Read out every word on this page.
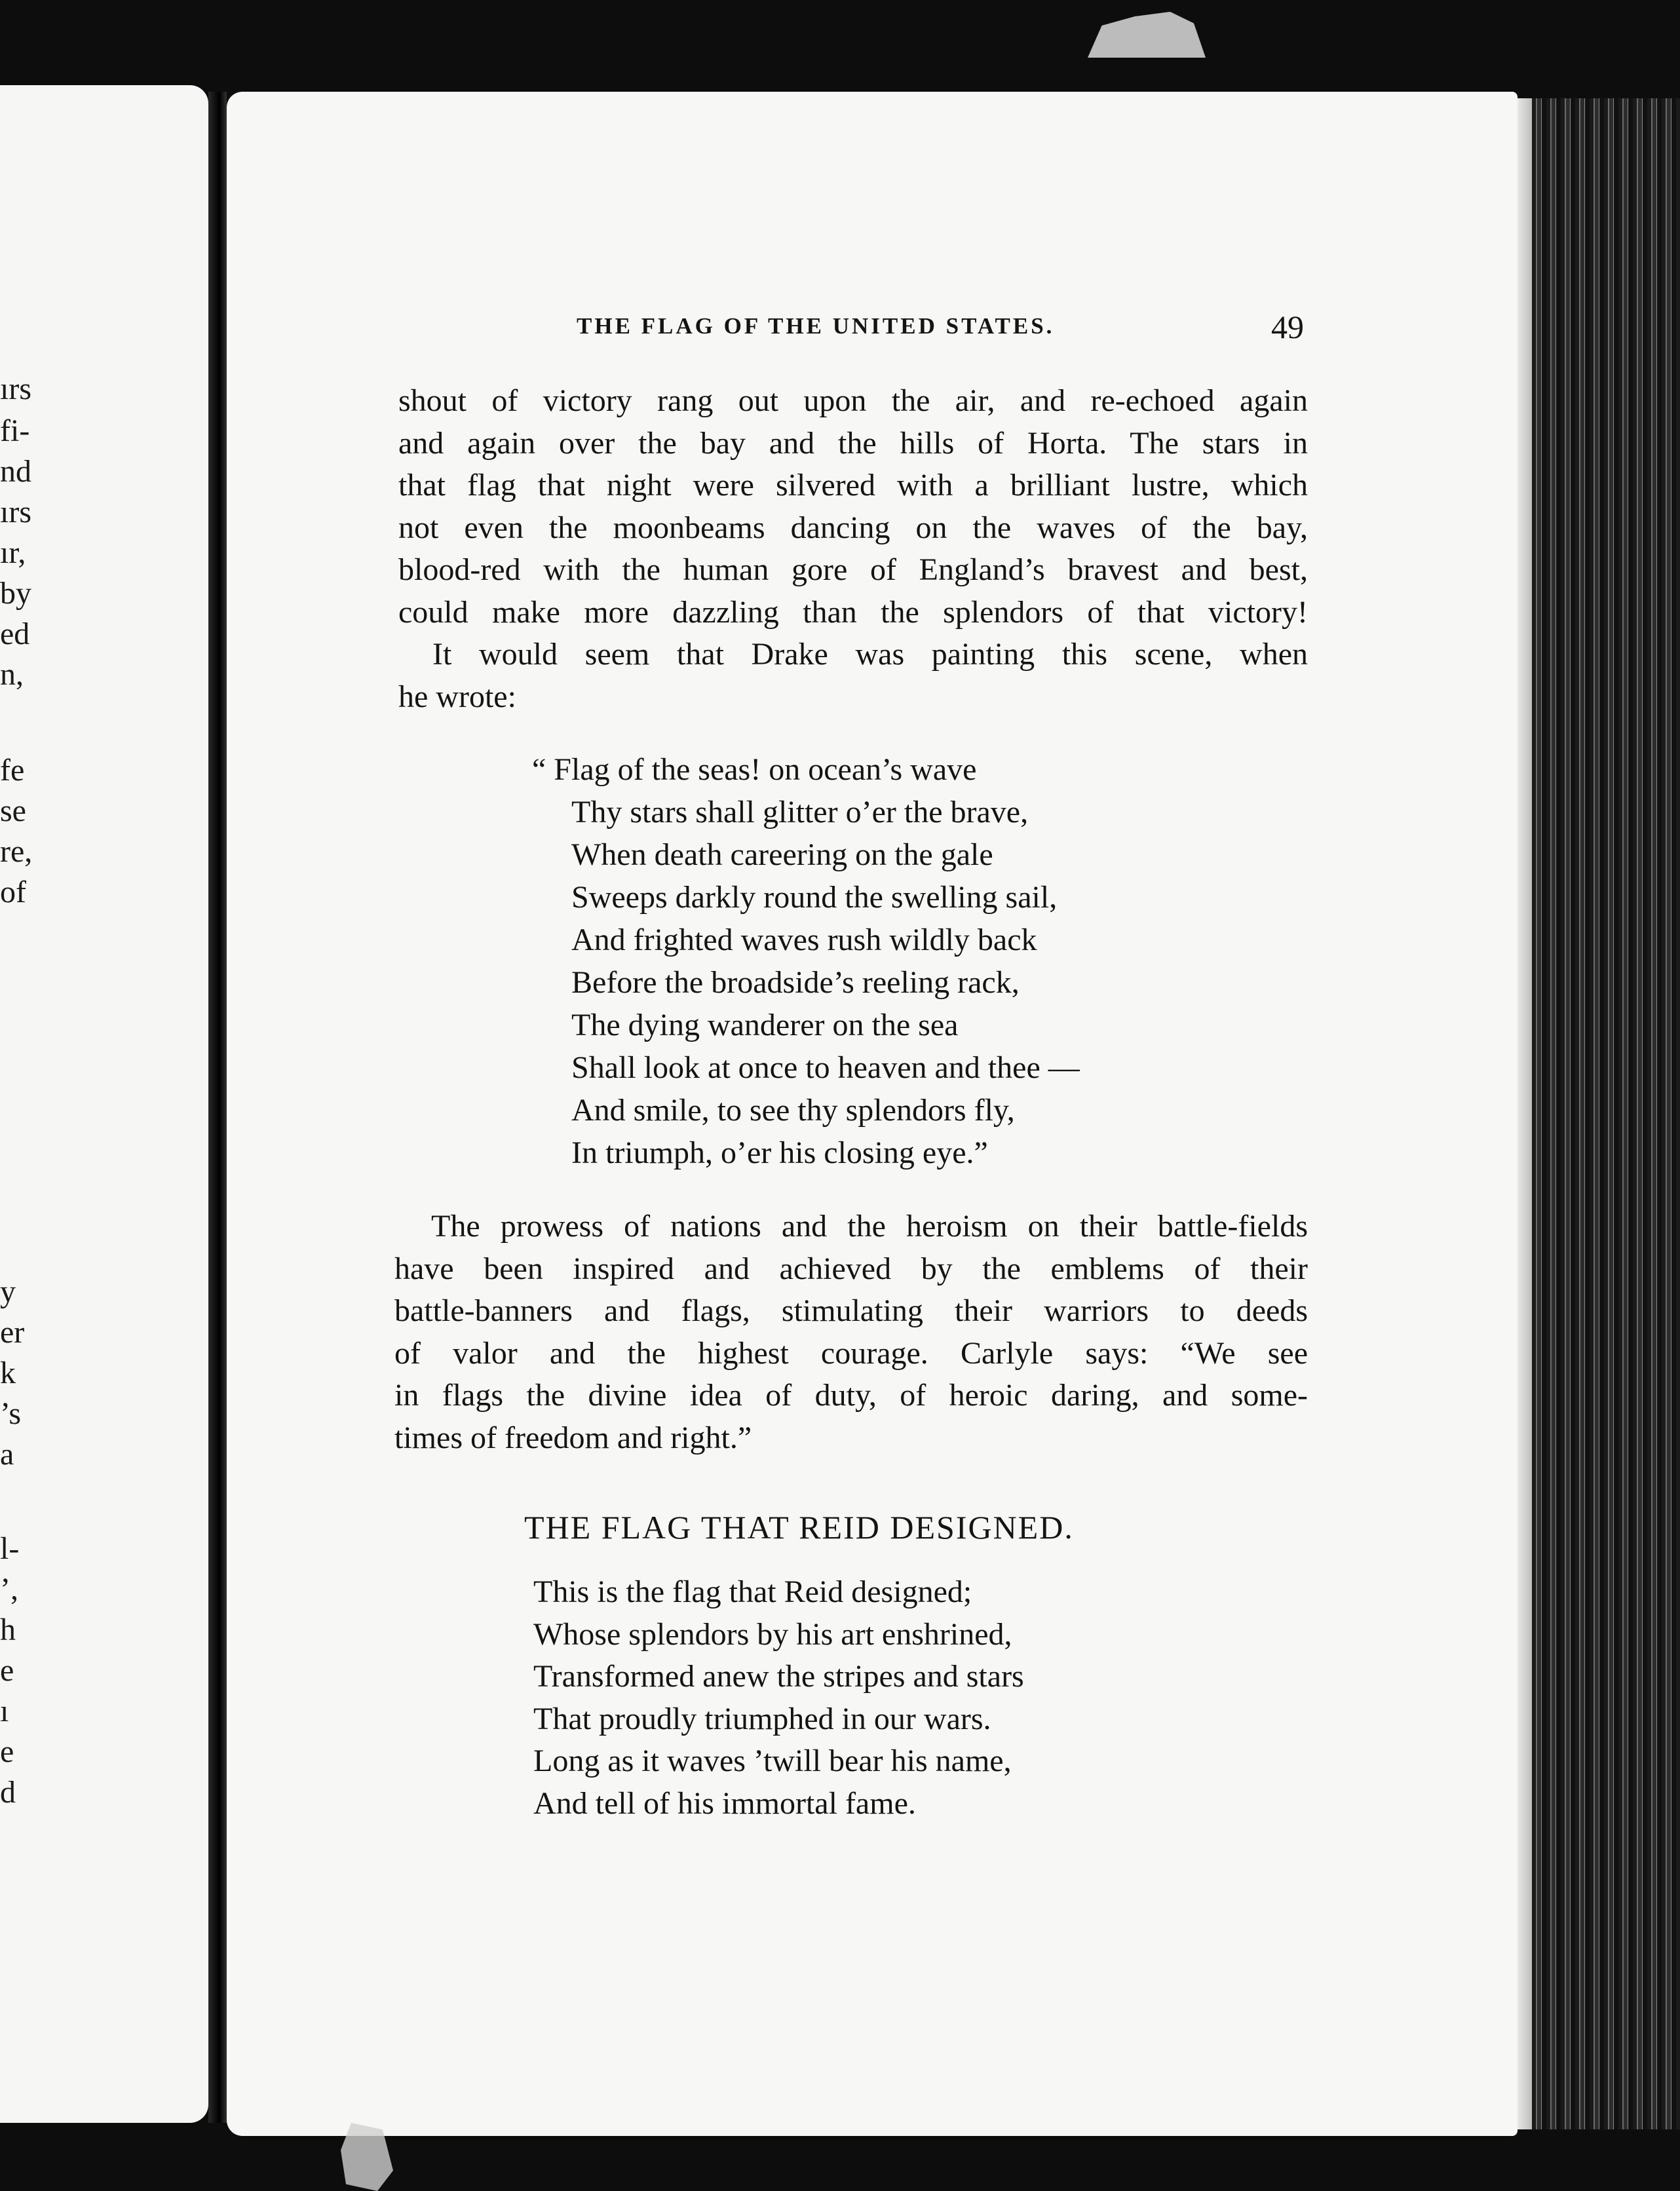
ırs
fi-
nd
ırs
ır,
by
ed
n,
fe
se
re,
of
y
er
k
’s
a
l-
’,
h
e
ı
e
d
THE FLAG OF THE UNITED STATES.	49
shout of victory rang out upon the air, and re-echoed again
and again over the bay and the hills of Horta. The stars in
that flag that night were silvered with a brilliant lustre, which
not even the moonbeams dancing on the waves of the bay,
blood-red with the human gore of England’s bravest and best,
could make more dazzling than the splendors of that victory!
It would seem that Drake was painting this scene, when
he wrote:
“ Flag of the seas! on ocean’s wave
Thy stars shall glitter o’er the brave,
When death careering on the gale
Sweeps darkly round the swelling sail,
And frighted waves rush wildly back
Before the broadside’s reeling rack,
The dying wanderer on the sea
Shall look at once to heaven and thee —
And smile, to see thy splendors fly,
In triumph, o’er his closing eye.”
The prowess of nations and the heroism on their battle-fields
have been inspired and achieved by the emblems of their
battle-banners and flags, stimulating their warriors to deeds
of valor and the highest courage. Carlyle says: “We see
in flags the divine idea of duty, of heroic daring, and some-
times of freedom and right.”
THE FLAG THAT REID DESIGNED.
This is the flag that Reid designed;
Whose splendors by his art enshrined,
Transformed anew the stripes and stars
That proudly triumphed in our wars.
Long as it waves ’twill bear his name,
And tell of his immortal fame.
